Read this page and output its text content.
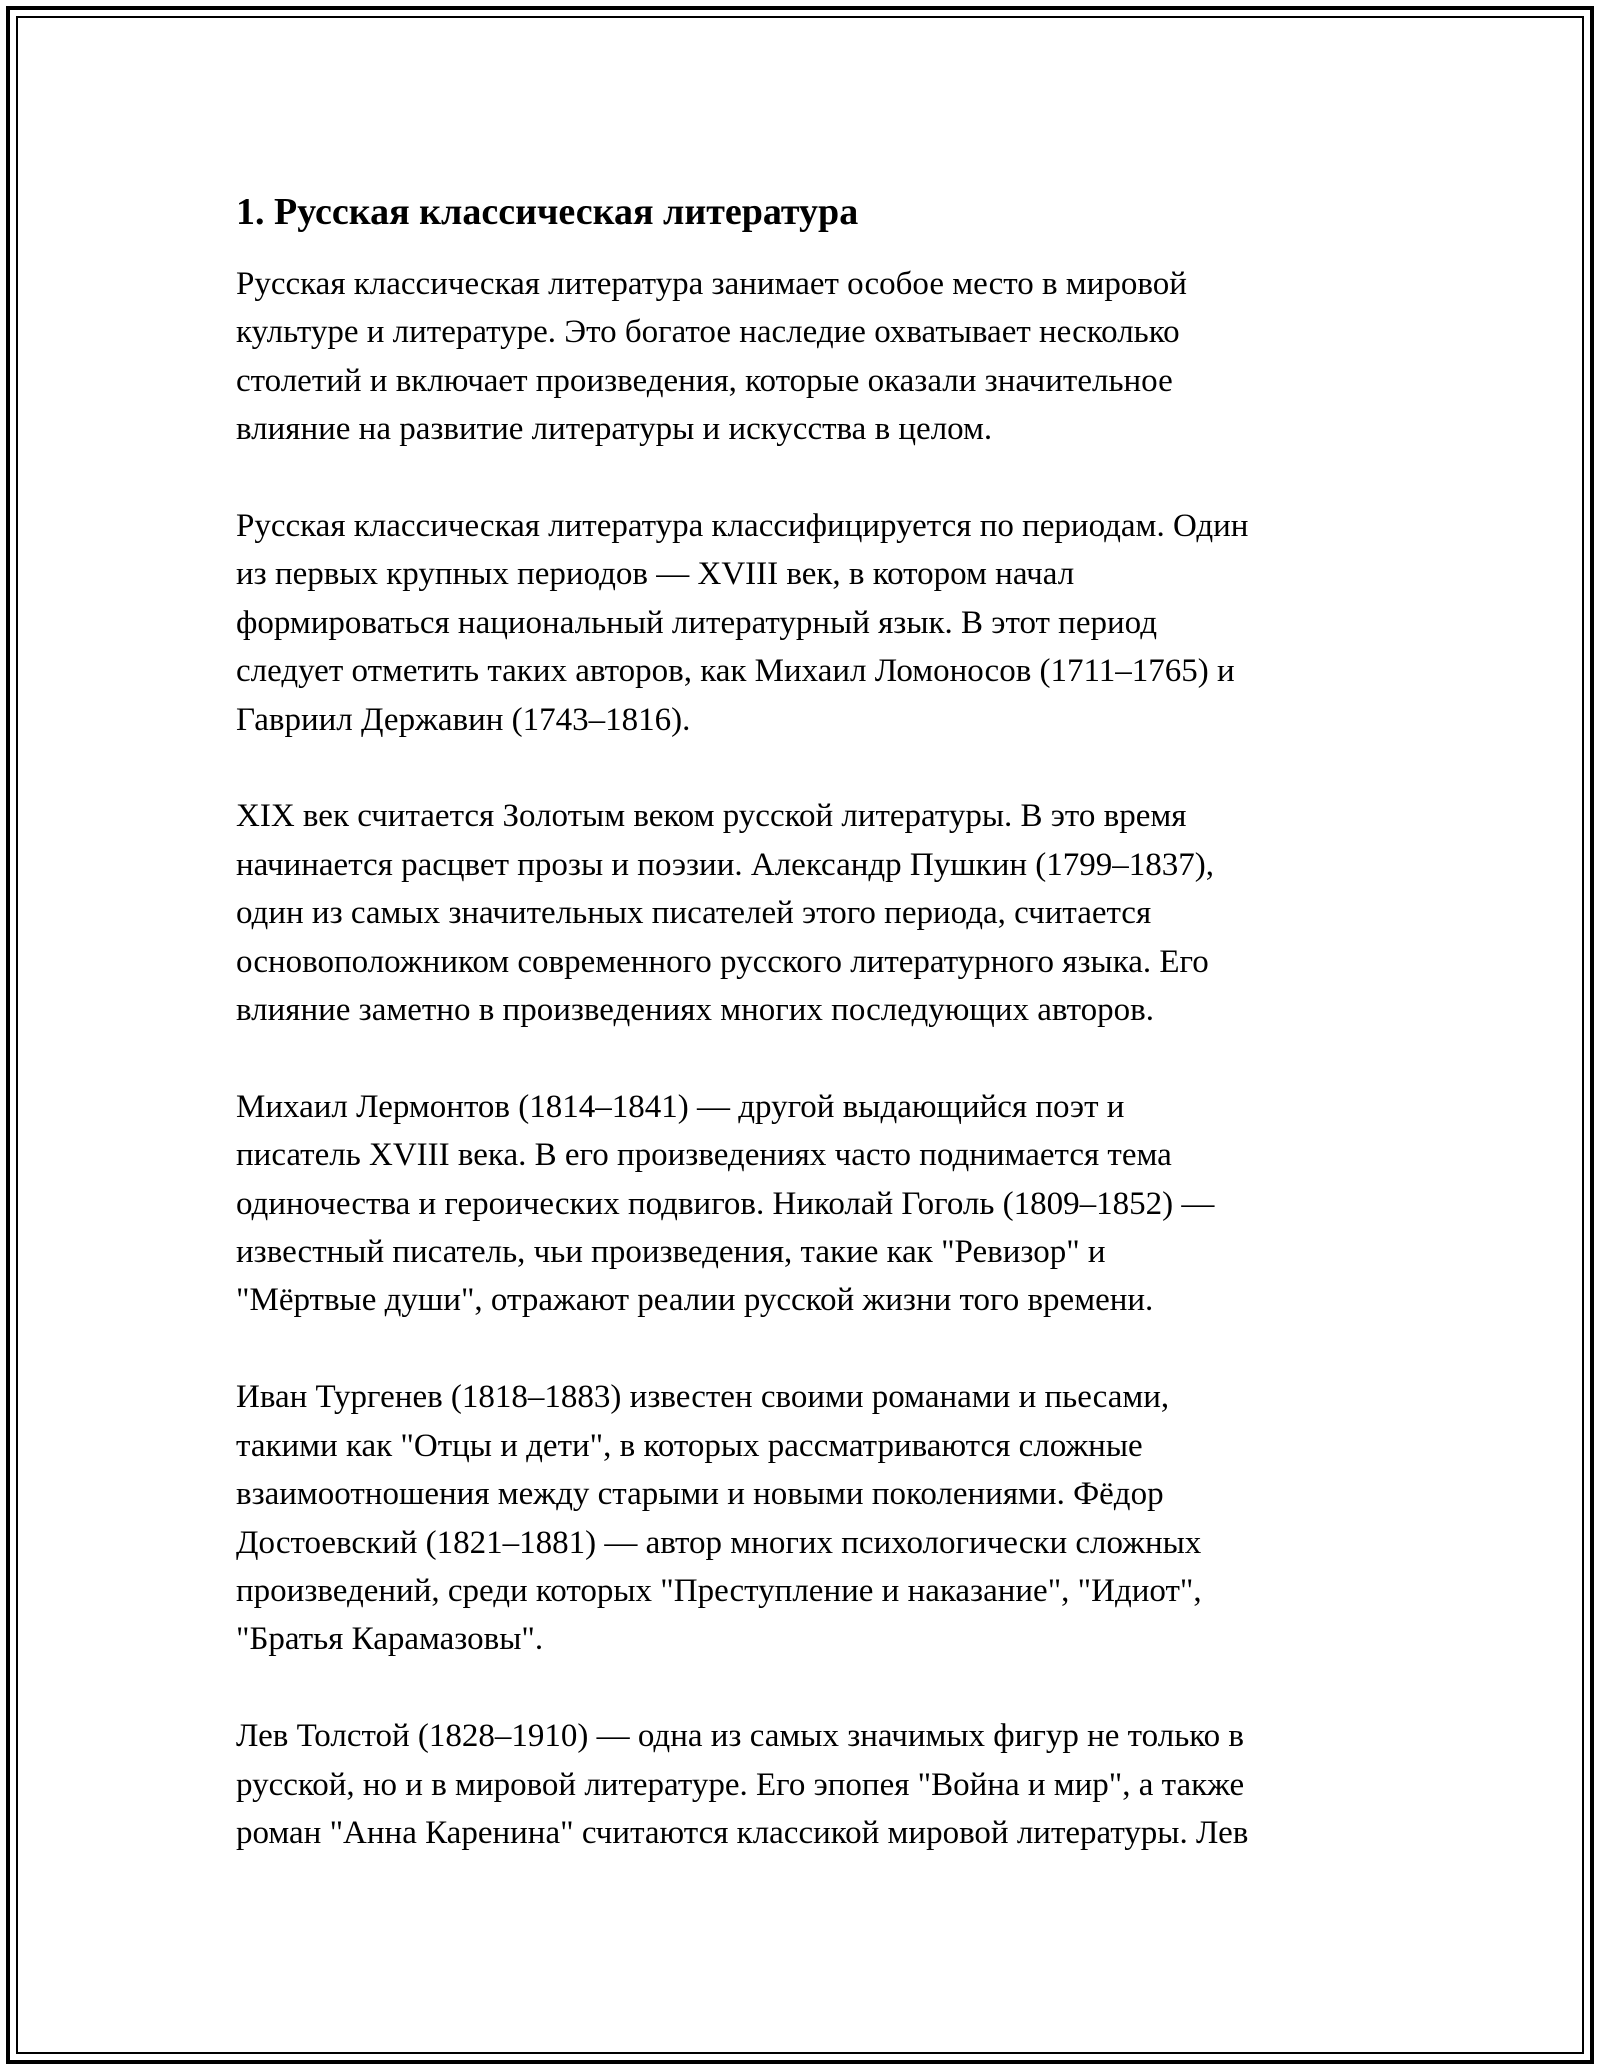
1. Русская классическая литература

Русская классическая литература занимает особое место в мировой
культуре и литературе. Это богатое наследие охватывает несколько
столетий и включает произведения, которые оказали значительное
влияние на развитие литературы и искусства в целом.

Русская классическая литература классифицируется по периодам. Один
из первых крупных периодов — XVIII век, в котором начал
формироваться национальный литературный язык. В этот период
следует отметить таких авторов, как Михаил Ломоносов (1711–1765) и
Гавриил Державин (1743–1816).

XIX век считается Золотым веком русской литературы. В это время
начинается расцвет прозы и поэзии. Александр Пушкин (1799–1837),
один из самых значительных писателей этого периода, считается
основоположником современного русского литературного языка. Его
влияние заметно в произведениях многих последующих авторов.

Михаил Лермонтов (1814–1841) — другой выдающийся поэт и
писатель XVIII века. В его произведениях часто поднимается тема
одиночества и героических подвигов. Николай Гоголь (1809–1852) —
известный писатель, чьи произведения, такие как "Ревизор" и
"Мёртвые души", отражают реалии русской жизни того времени.

Иван Тургенев (1818–1883) известен своими романами и пьесами,
такими как "Отцы и дети", в которых рассматриваются сложные
взаимоотношения между старыми и новыми поколениями. Фёдор
Достоевский (1821–1881) — автор многих психологически сложных
произведений, среди которых "Преступление и наказание", "Идиот",
"Братья Карамазовы".

Лев Толстой (1828–1910) — одна из самых значимых фигур не только в
русской, но и в мировой литературе. Его эпопея "Война и мир", а также
роман "Анна Каренина" считаются классикой мировой литературы. Лев
